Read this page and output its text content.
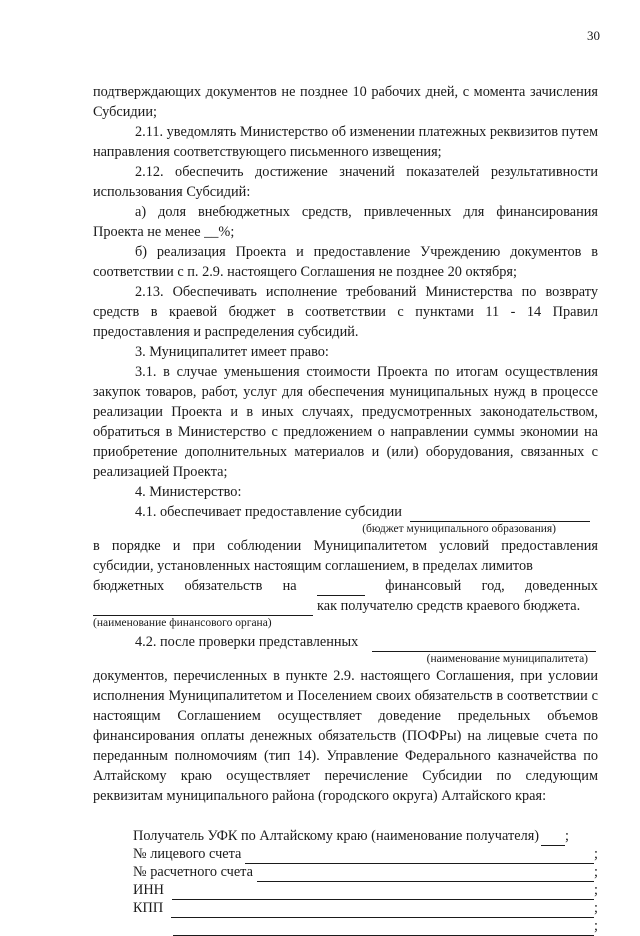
30

подтверждающих документов не позднее 10 рабочих дней, с момента зачисления Субсидии;

2.11. уведомлять Министерство об изменении платежных реквизитов путем направления соответствующего письменного извещения;

2.12. обеспечить достижение значений показателей результативности использования Субсидий:

а) доля внебюджетных средств, привлеченных для финансирования Проекта не менее __%;

б) реализация Проекта и предоставление Учреждению документов в соответствии с п. 2.9. настоящего Соглашения не позднее 20 октября;

2.13. Обеспечивать исполнение требований Министерства по возврату средств в краевой бюджет в соответствии с пунктами 11 - 14 Правил предоставления и распределения субсидий.

3. Муниципалитет имеет право:

3.1. в случае уменьшения стоимости Проекта по итогам осуществления закупок товаров, работ, услуг для обеспечения муниципальных нужд в процессе реализации Проекта и в иных случаях, предусмотренных законодательством, обратиться в Министерство с предложением о направлении суммы экономии на приобретение дополнительных материалов и (или) оборудования, связанных с реализацией Проекта;

4. Министерство:

4.1. обеспечивает предоставление субсидии
(бюджет муниципального образования)

в порядке и при соблюдении Муниципалитетом условий предоставления субсидии, установленных настоящим соглашением, в пределах лимитов

бюджетных обязательств на	финансовый год, доведенных
как получателю средств краевого бюджета.
(наименование финансового органа)
4.2. после проверки представленных
(наименование муниципалитета)

документов, перечисленных в пункте 2.9. настоящего Соглашения, при условии исполнения Муниципалитетом и Поселением своих обязательств в соответствии с настоящим Соглашением осуществляет доведение предельных объемов финансирования оплаты денежных обязательств (ПОФРы) на лицевые счета по переданным полномочиям (тип 14). Управление Федерального казначейства по Алтайскому краю осуществляет перечисление Субсидии по следующим реквизитам муниципального района (городского округа) Алтайского края:

Получатель УФК по Алтайскому краю (наименование получателя) ;
№ лицевого счета	;
№ расчетного счета	;
ИНН	;
КПП	;
;
